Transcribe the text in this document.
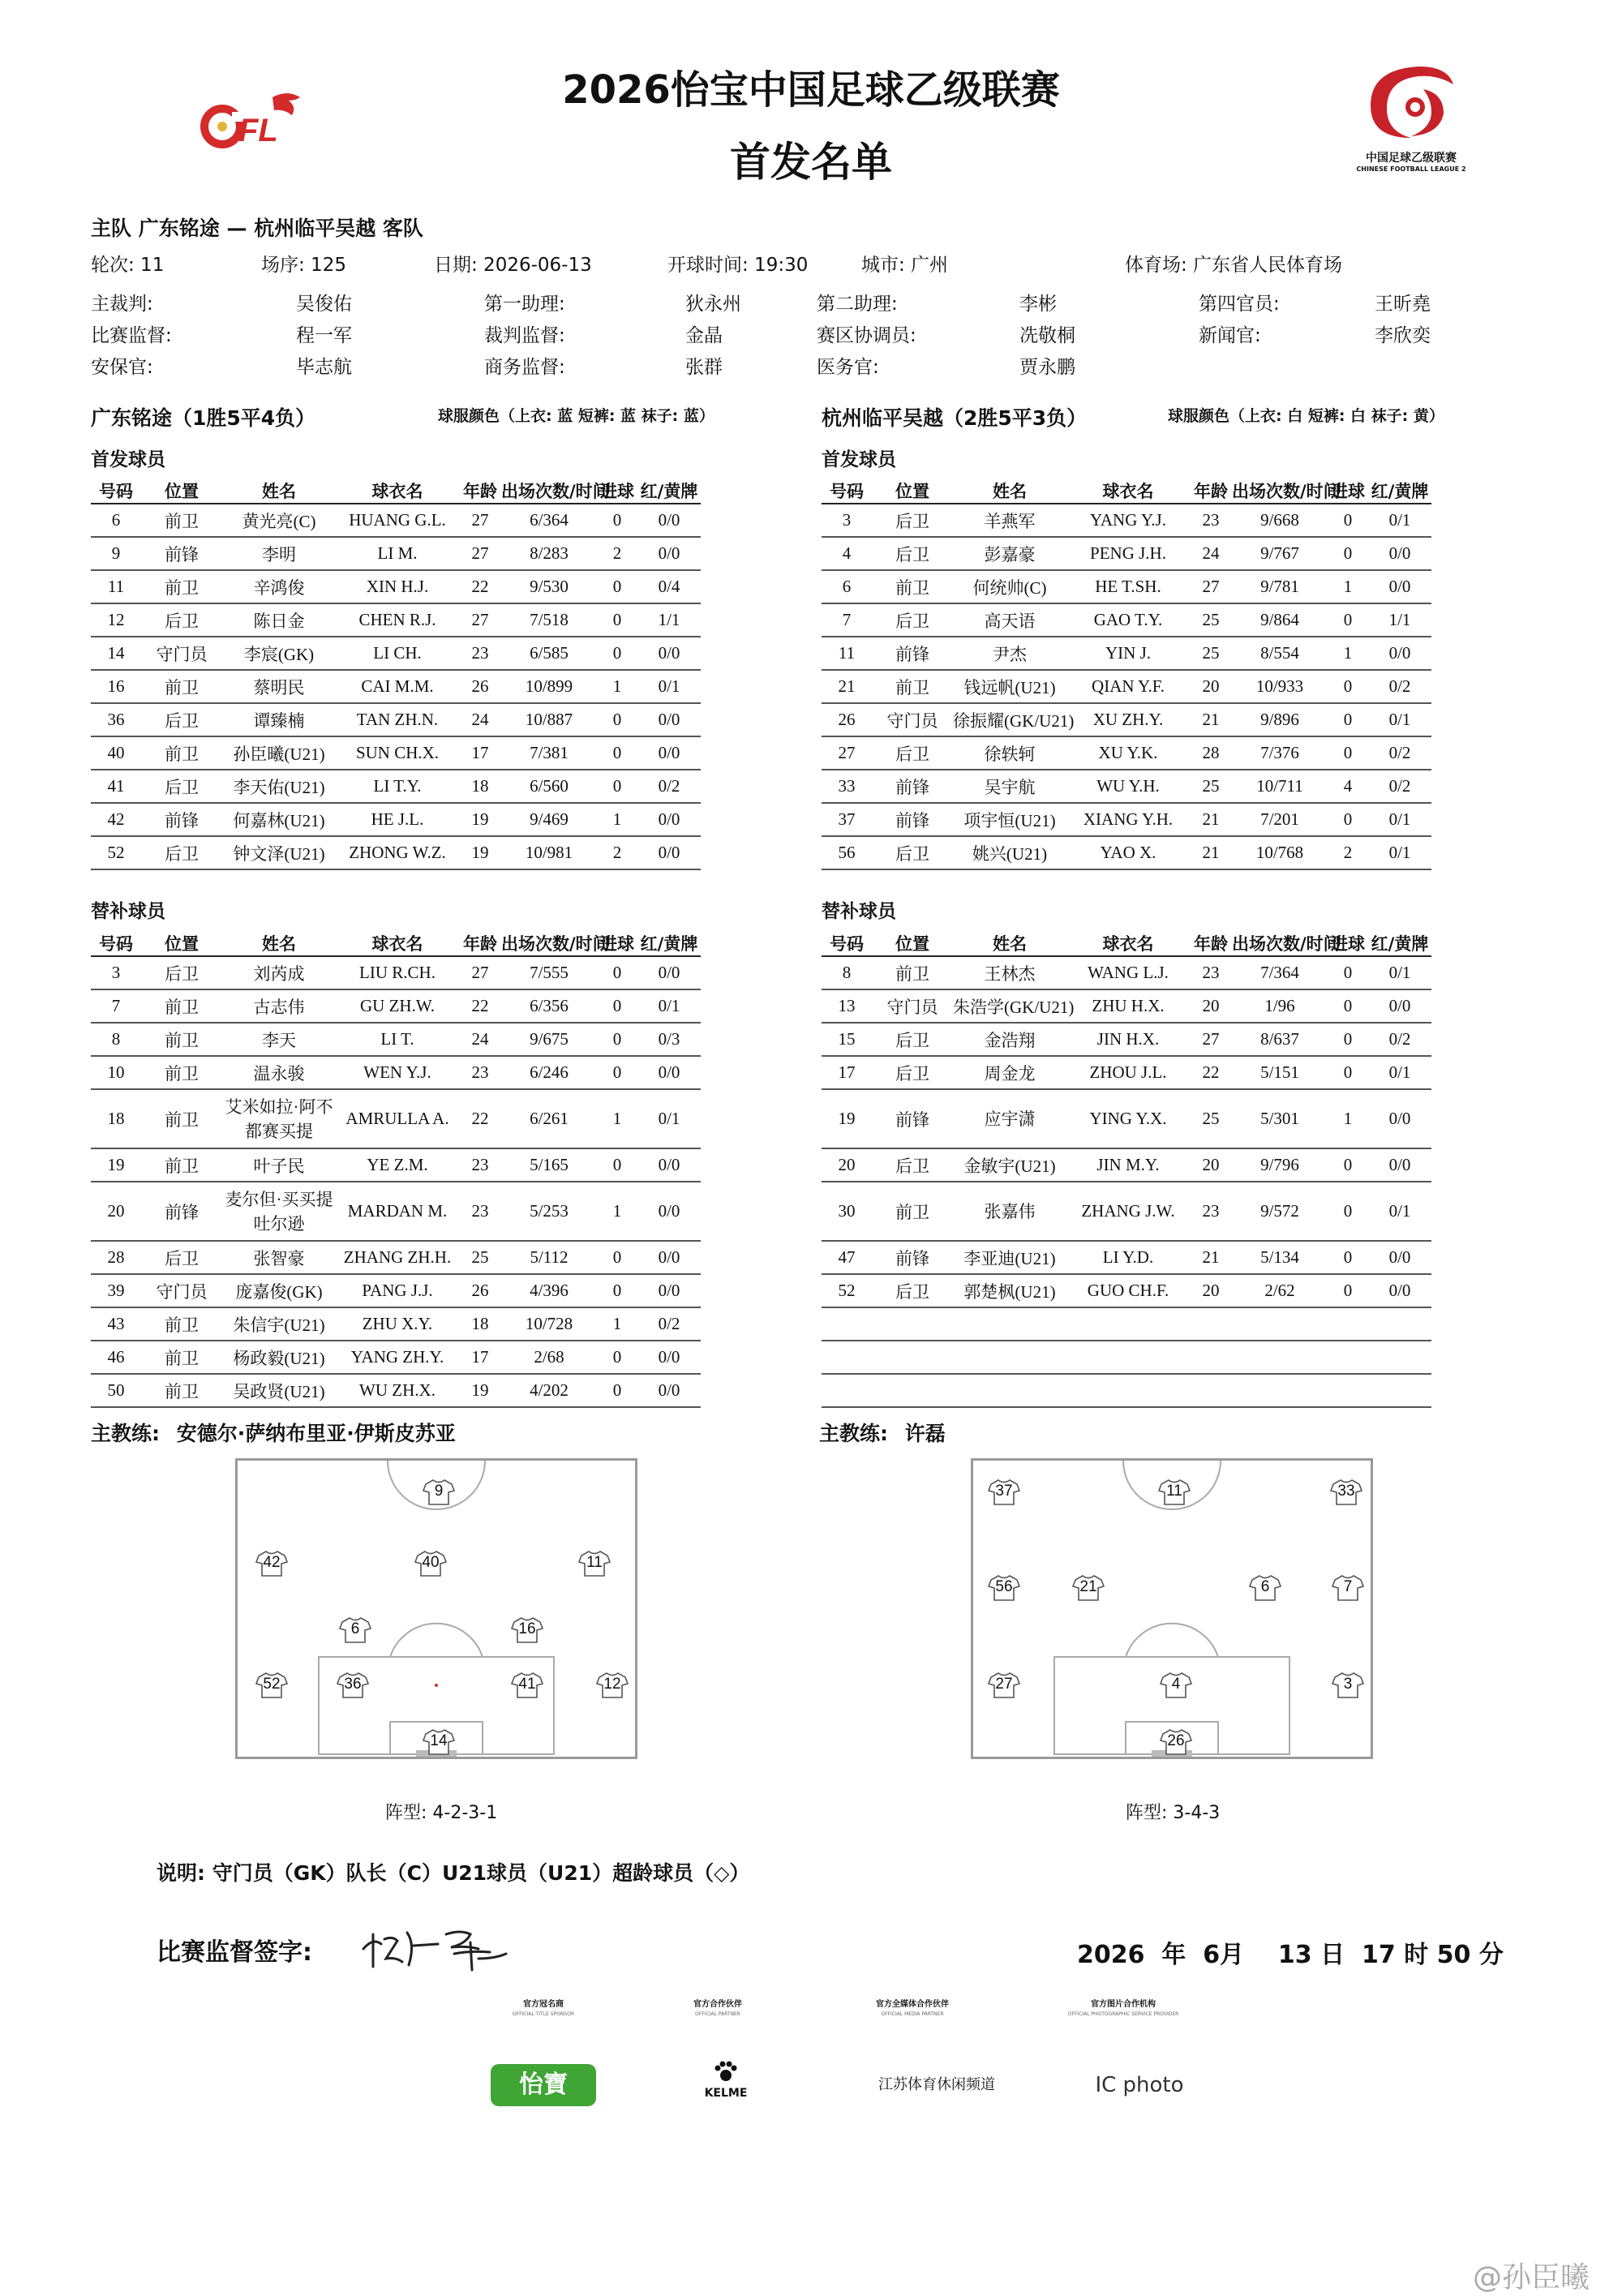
FL
2026怡宝中国足球乙级联赛
首发名单	中国足球乙级联赛
CHINESE FOOTBALL LEAGUE 2
主队 广东铭途 — 杭州临平吴越 客队
轮次: 11	场序: 125	日期: 2026-06-13	开球时间: 19:30	城市: 广州	体育场: 广东省人民体育场
主裁判:	吴俊佑	第一助理:	狄永州	第二助理:	李彬	第四官员:	王昕堯
比赛监督:	程一军	裁判监督:	金晶	赛区协调员:	冼敬桐	新闻官:	李欣奕
安保官:	毕志航	商务监督:	张群	医务官:	贾永鹏
广东铭途（1胜5平4负）	球服颜色（上衣: 蓝 短裤: 蓝 袜子: 蓝）	杭州临平吴越（2胜5平3负）	球服颜色（上衣: 白 短裤: 白 袜子: 黄）
首发球员	首发球员
替补球员	替补球员
号码	位置	姓名	球衣名	年龄	出场次数/时间	进球	红/黄牌
6	前卫	黄光亮(C)	HUANG G.L.	27	6/364	0	0/0
9	前锋	李明	LI M.	27	8/283	2	0/0
11	前卫	辛鸿俊	XIN H.J.	22	9/530	0	0/4
12	后卫	陈日金	CHEN R.J.	27	7/518	0	1/1
14	守门员	李宸(GK)	LI CH.	23	6/585	0	0/0
16	前卫	蔡明民	CAI M.M.	26	10/899	1	0/1
36	后卫	谭臻楠	TAN ZH.N.	24	10/887	0	0/0
40	前卫	孙臣曦(U21)	SUN CH.X.	17	7/381	0	0/0
41	后卫	李天佑(U21)	LI T.Y.	18	6/560	0	0/2
42	前锋	何嘉林(U21)	HE J.L.	19	9/469	1	0/0
52	后卫	钟文泽(U21)	ZHONG W.Z.	19	10/981	2	0/0
号码	位置	姓名	球衣名	年龄	出场次数/时间	进球	红/黄牌
3	后卫	羊燕军	YANG Y.J.	23	9/668	0	0/1
4	后卫	彭嘉豪	PENG J.H.	24	9/767	0	0/0
6	前卫	何统帅(C)	HE T.SH.	27	9/781	1	0/0
7	后卫	高天语	GAO T.Y.	25	9/864	0	1/1
11	前锋	尹杰	YIN J.	25	8/554	1	0/0
21	前卫	钱远帆(U21)	QIAN Y.F.	20	10/933	0	0/2
26	守门员	徐振耀(GK/U21)	XU ZH.Y.	21	9/896	0	0/1
27	后卫	徐轶轲	XU Y.K.	28	7/376	0	0/2
33	前锋	吴宇航	WU Y.H.	25	10/711	4	0/2
37	前锋	项宇恒(U21)	XIANG Y.H.	21	7/201	0	0/1
56	后卫	姚兴(U21)	YAO X.	21	10/768	2	0/1
号码	位置	姓名	球衣名	年龄	出场次数/时间	进球	红/黄牌
3	后卫	刘芮成	LIU R.CH.	27	7/555	0	0/0
7	前卫	古志伟	GU ZH.W.	22	6/356	0	0/1
8	前卫	李天	LI T.	24	9/675	0	0/3
10	前卫	温永骏	WEN Y.J.	23	6/246	0	0/0
18	前卫	艾米如拉·阿不都赛买提	AMRULLA A.	22	6/261	1	0/1
19	前卫	叶子民	YE Z.M.	23	5/165	0	0/0
20	前锋	麦尔但·买买提吐尔逊	MARDAN M.	23	5/253	1	0/0
28	后卫	张智豪	ZHANG ZH.H.	25	5/112	0	0/0
39	守门员	庞嘉俊(GK)	PANG J.J.	26	4/396	0	0/0
43	前卫	朱信宇(U21)	ZHU X.Y.	18	10/728	1	0/2
46	前卫	杨政毅(U21)	YANG ZH.Y.	17	2/68	0	0/0
50	前卫	吴政贤(U21)	WU ZH.X.	19	4/202	0	0/0
号码	位置	姓名	球衣名	年龄	出场次数/时间	进球	红/黄牌
8	前卫	王林杰	WANG L.J.	23	7/364	0	0/1
13	守门员	朱浩学(GK/U21)	ZHU H.X.	20	1/96	0	0/0
15	后卫	金浩翔	JIN H.X.	27	8/637	0	0/2
17	后卫	周金龙	ZHOU J.L.	22	5/151	0	0/1
19	前锋	应宇潇	YING Y.X.	25	5/301	1	0/0
20	后卫	金敏宇(U21)	JIN M.Y.	20	9/796	0	0/0
30	前卫	张嘉伟	ZHANG J.W.	23	9/572	0	0/1
47	前锋	李亚迪(U21)	LI Y.D.	21	5/134	0	0/0
52	后卫	郭楚枫(U21)	GUO CH.F.	20	2/62	0	0/0

主教练: 安德尔·萨纳布里亚·伊斯皮苏亚	主教练: 许磊
9
42	40	11
6	16
52	36	41	12
14
37	11	33
56	21	6	7
27	4	3
26
阵型: 4-2-3-1	阵型: 3-4-3
说明: 守门员（GK）队长（C）U21球员（U21）超龄球员（◇）
比赛监督签字:	2026  年  6月    13 日  17 时 50 分
官方冠名商
OFFICIAL TITLE SPONSOR
官方合作伙伴
OFFICIAL PARTNER
官方全媒体合作伙伴
OFFICIAL MEDIA PARTNER
官方图片合作机构
OFFICIAL PHOTOGRAPHIC SERVICE PROVIDER
怡寶	KELME	江苏体育休闲频道	IC photo
@孙臣曦
